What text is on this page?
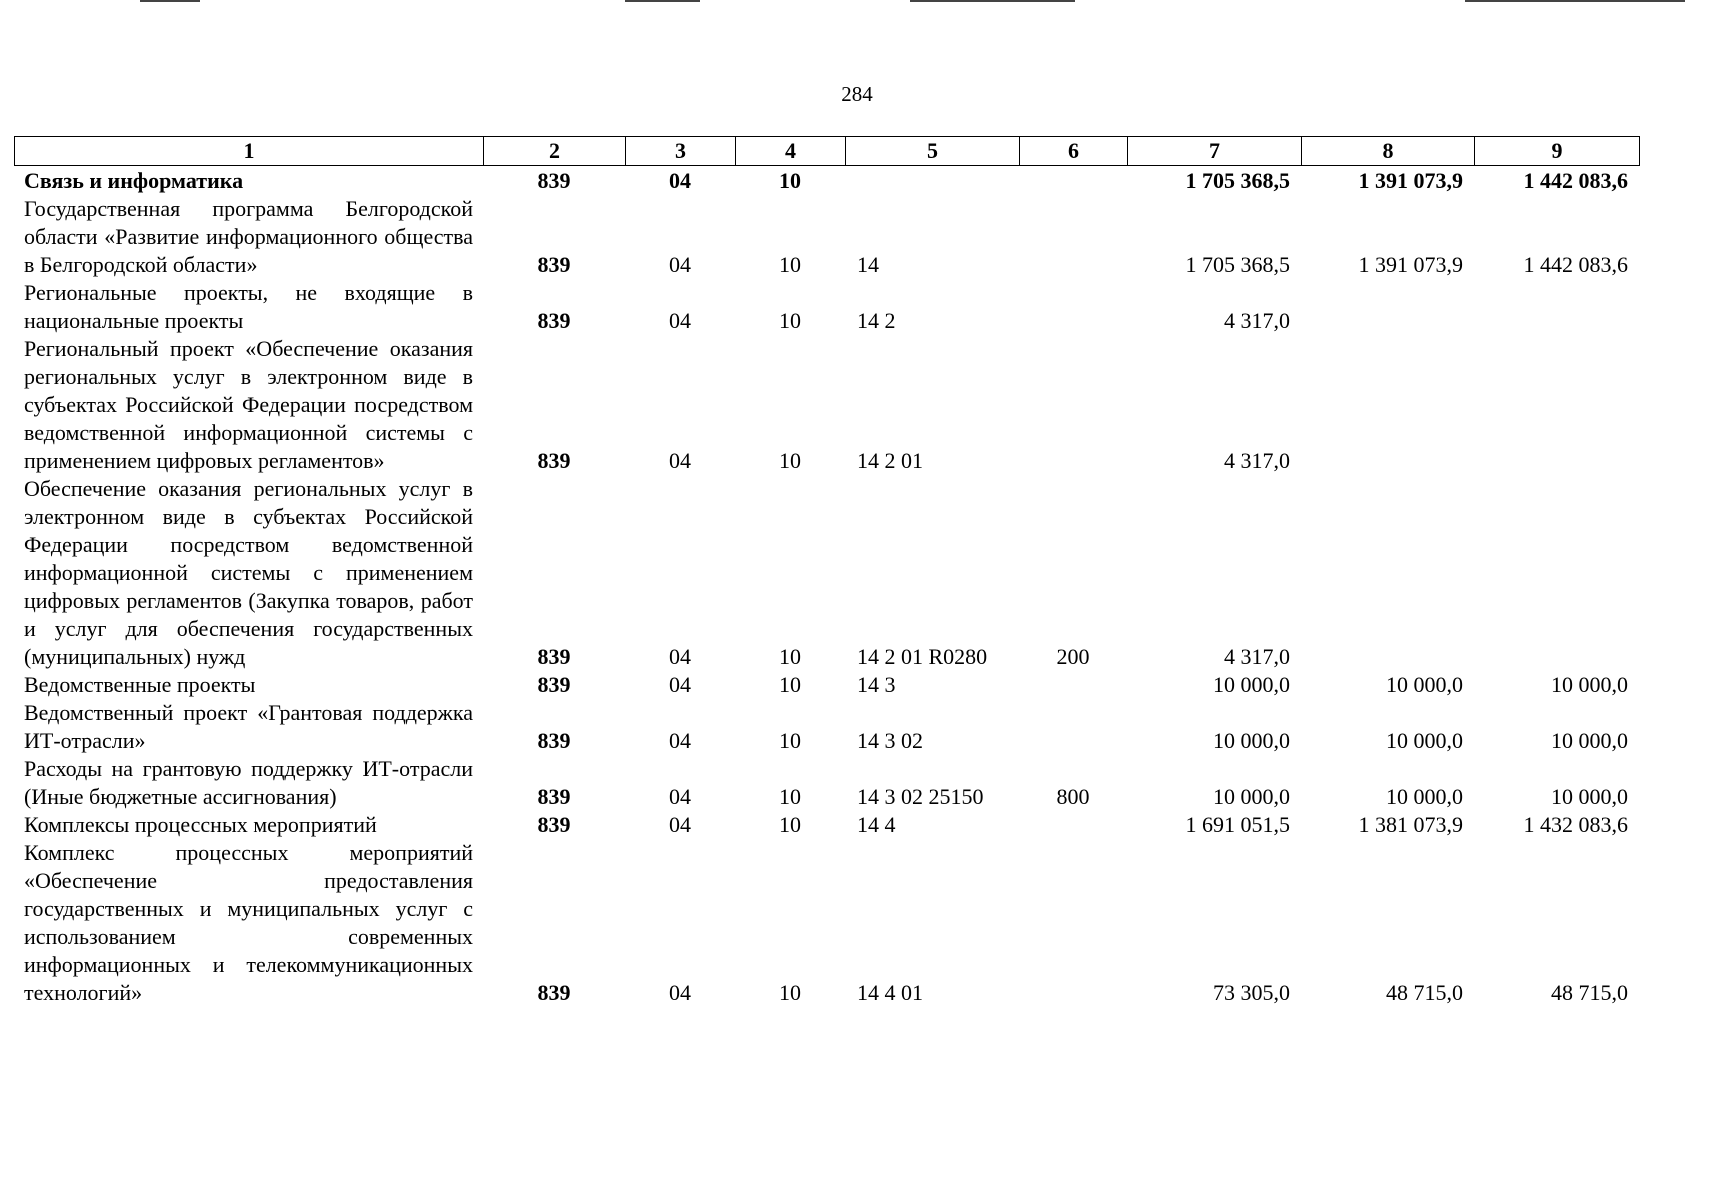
284
1	2	3	4	5	6	7	8	9
Связь и информатика	839	04	10			1 705 368,5	1 391 073,9	1 442 083,6
Государственная программа Белгородской области «Развитие информационного общества в Белгородской области»	839	04	10	14		1 705 368,5	1 391 073,9	1 442 083,6
Региональные проекты, не входящие в национальные проекты	839	04	10	14 2		4 317,0		
Региональный проект «Обеспечение оказания региональных услуг в электронном виде в субъектах Российской Федерации посредством ведомственной информационной системы с применением цифровых регламентов»	839	04	10	14 2 01		4 317,0		
Обеспечение оказания региональных услуг в электронном виде в субъектах Российской Федерации посредством ведомственной информационной системы с применением цифровых регламентов (Закупка товаров, работ и услуг для обеспечения государственных (муниципальных) нужд	839	04	10	14 2 01 R0280	200	4 317,0		
Ведомственные проекты	839	04	10	14 3		10 000,0	10 000,0	10 000,0
Ведомственный проект «Грантовая поддержка ИТ-отрасли»	839	04	10	14 3 02		10 000,0	10 000,0	10 000,0
Расходы на грантовую поддержку ИТ-отрасли (Иные бюджетные ассигнования)	839	04	10	14 3 02 25150	800	10 000,0	10 000,0	10 000,0
Комплексы процессных мероприятий	839	04	10	14 4		1 691 051,5	1 381 073,9	1 432 083,6
Комплекс процессных мероприятий «Обеспечение предоставления государственных и муниципальных услуг с использованием современных информационных и телекоммуникационных технологий»	839	04	10	14 4 01		73 305,0	48 715,0	48 715,0
